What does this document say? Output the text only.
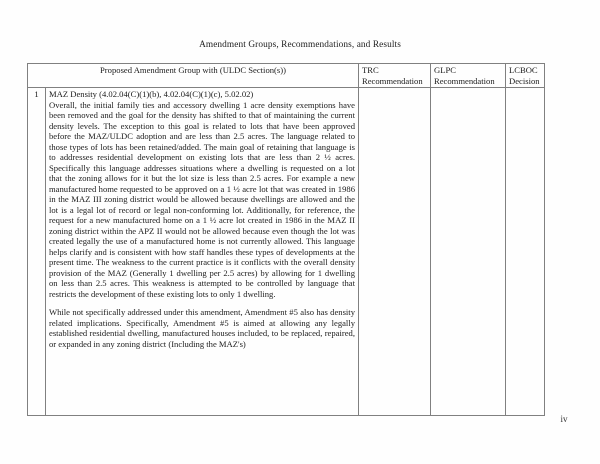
Amendment Groups, Recommendations, and Results
Proposed Amendment Group with (ULDC Section(s))		TRC Recommendation	GLPC Recommendation	LCBOC Decision
1	MAZ Density (4.02.04(C)(1)(b), 4.02.04(C)(1)(c), 5.02.02)

Overall, the initial family ties and accessory dwelling 1 acre density exemptions have been removed and the goal for the density has shifted to that of maintaining the current density levels. The exception to this goal is related to lots that have been approved before the MAZ/ULDC adoption and are less than 2.5 acres. The language related to those types of lots has been retained/added. The main goal of retaining that language is to addresses residential development on existing lots that are less than 2 ½ acres. Specifically this language addresses situations where a dwelling is requested on a lot that the zoning allows for it but the lot size is less than 2.5 acres. For example a new manufactured home requested to be approved on a 1 ½ acre lot that was created in 1986 in the MAZ III zoning district would be allowed because dwellings are allowed and the lot is a legal lot of record or legal non-conforming lot. Additionally, for reference, the request for a new manufactured home on a 1 ½ acre lot created in 1986 in the MAZ II zoning district within the APZ II would not be allowed because even though the lot was created legally the use of a manufactured home is not currently allowed. This language helps clarify and is consistent with how staff handles these types of developments at the present time. The weakness to the current practice is it conflicts with the overall density provision of the MAZ (Generally 1 dwelling per 2.5 acres) by allowing for 1 dwelling on less than 2.5 acres. This weakness is attempted to be controlled by language that restricts the development of these existing lots to only 1 dwelling.

While not specifically addressed under this amendment, Amendment #5 also has density related implications. Specifically, Amendment #5 is aimed at allowing any legally established residential dwelling, manufactured houses included, to be replaced, repaired, or expanded in any zoning district (Including the MAZ's)			

iv
